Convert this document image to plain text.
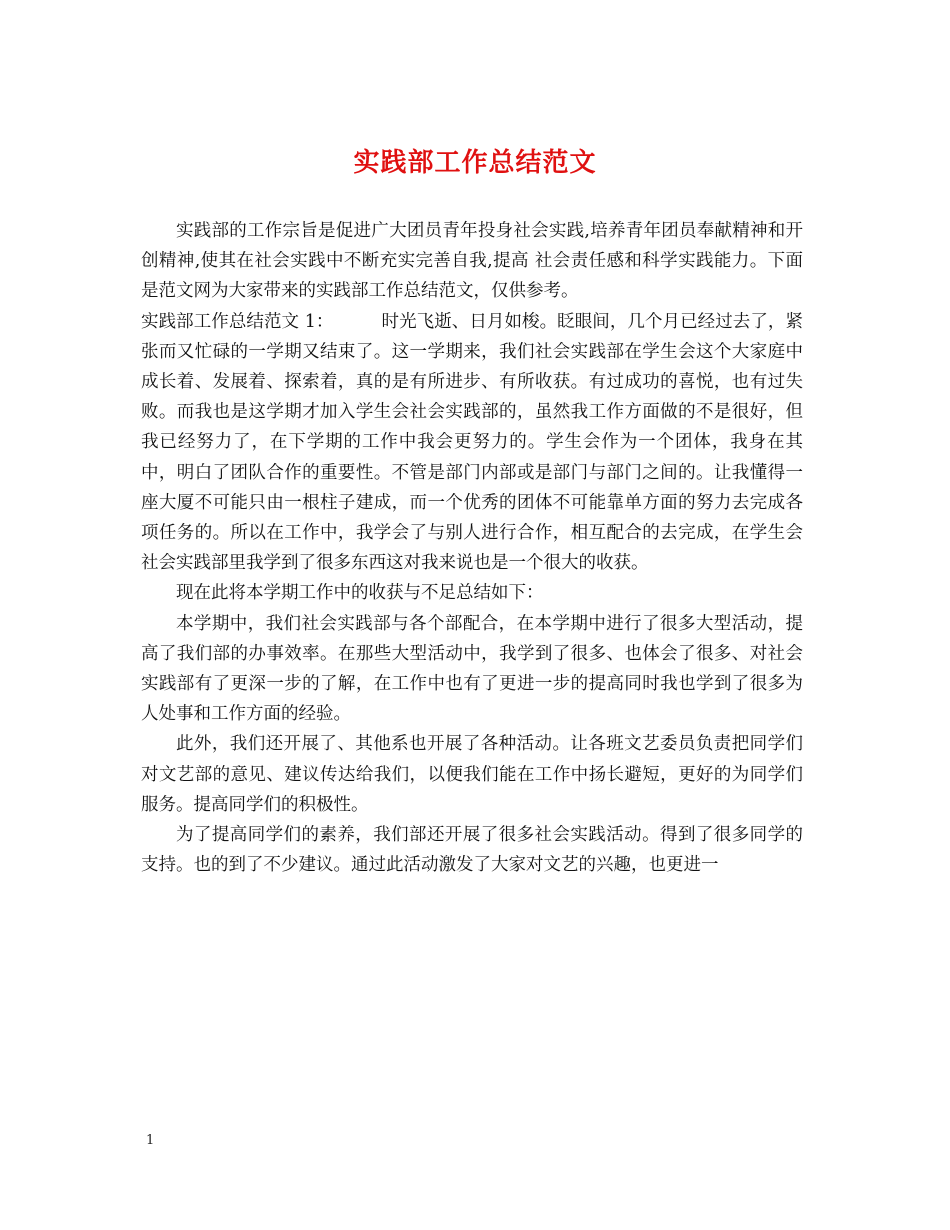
实践部工作总结范文

实践部的工作宗旨是促进广大团员青年投身社会实践,培养青年团员奉献精神和开创精神,使其在社会实践中不断充实完善自我,提高 社会责任感和科学实践能力。下面是范文网为大家带来的实践部工作总结范文，仅供参考。

实践部工作总结范文 1：	时光飞逝、日月如梭。眨眼间，几个月已经过去了，紧张而又忙碌的一学期又结束了。这一学期来，我们社会实践部在学生会这个大家庭中成长着、发展着、探索着，真的是有所进步、有所收获。有过成功的喜悦，也有过失败。而我也是这学期才加入学生会社会实践部的，虽然我工作方面做的不是很好，但我已经努力了，在下学期的工作中我会更努力的。学生会作为一个团体，我身在其中，明白了团队合作的重要性。不管是部门内部或是部门与部门之间的。让我懂得一座大厦不可能只由一根柱子建成，而一个优秀的团体不可能靠单方面的努力去完成各项任务的。所以在工作中，我学会了与别人进行合作，相互配合的去完成，在学生会社会实践部里我学到了很多东西这对我来说也是一个很大的收获。

现在此将本学期工作中的收获与不足总结如下：

本学期中，我们社会实践部与各个部配合，在本学期中进行了很多大型活动，提高了我们部的办事效率。在那些大型活动中，我学到了很多、也体会了很多、对社会实践部有了更深一步的了解，在工作中也有了更进一步的提高同时我也学到了很多为人处事和工作方面的经验。

此外，我们还开展了、其他系也开展了各种活动。让各班文艺委员负责把同学们对文艺部的意见、建议传达给我们，以便我们能在工作中扬长避短，更好的为同学们服务。提高同学们的积极性。

为了提高同学们的素养，我们部还开展了很多社会实践活动。得到了很多同学的支持。也的到了不少建议。通过此活动激发了大家对文艺的兴趣，也更进一

1
